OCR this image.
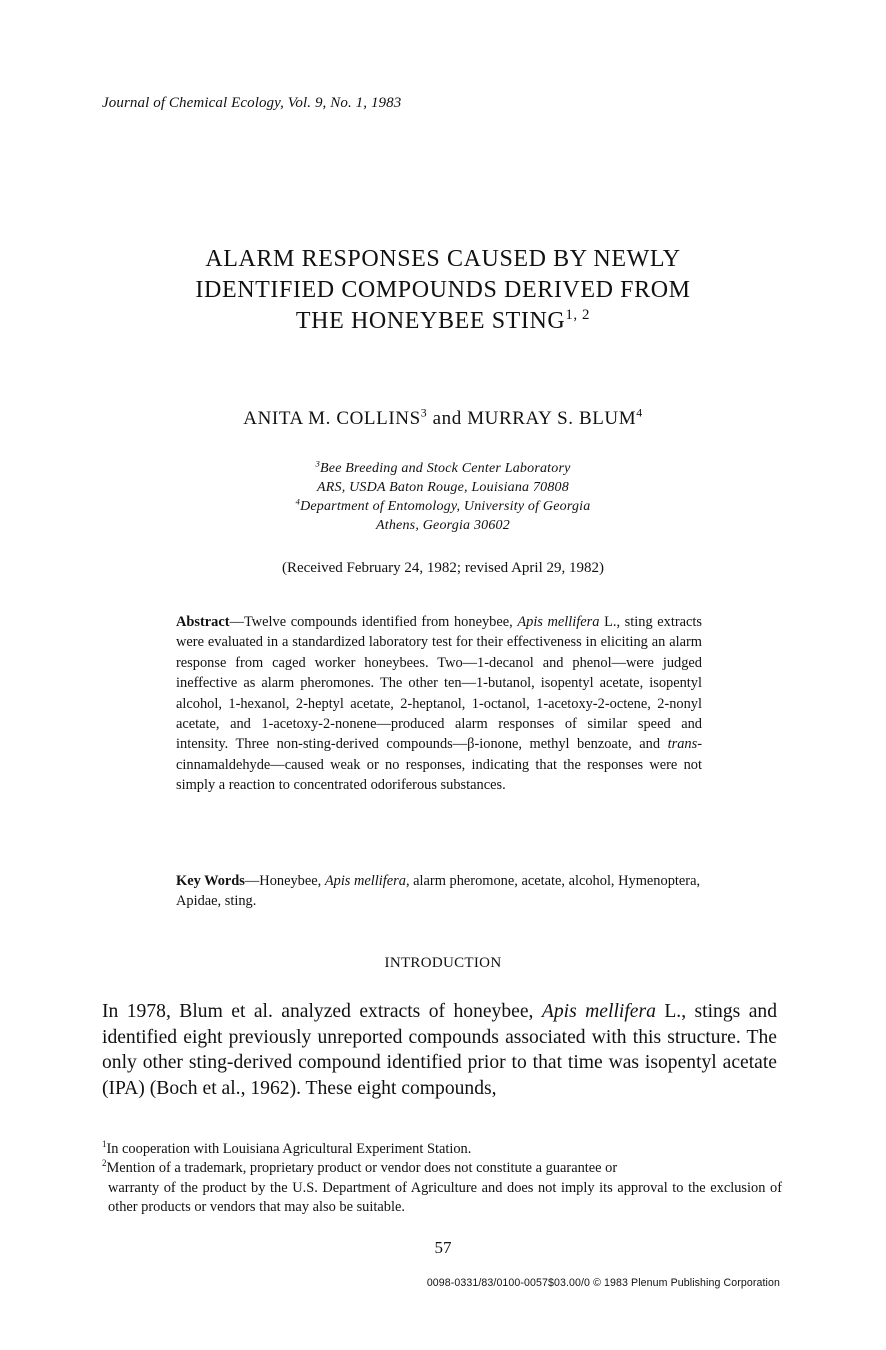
Journal of Chemical Ecology, Vol. 9, No. 1, 1983
ALARM RESPONSES CAUSED BY NEWLY
IDENTIFIED COMPOUNDS DERIVED FROM
THE HONEYBEE STING$^{1, 2}$
ANITA M. COLLINS$^3$ and MURRAY S. BLUM$^4$
$^3$Bee Breeding and Stock Center Laboratory
ARS, USDA Baton Rouge, Louisiana 70808
$^4$Department of Entomology, University of Georgia
Athens, Georgia 30602
(Received February 24, 1982; revised April 29, 1982)
Abstract—Twelve compounds identified from honeybee, Apis mellifera L., sting extracts were evaluated in a standardized laboratory test for their effectiveness in eliciting an alarm response from caged worker honeybees. Two—1-decanol and phenol—were judged ineffective as alarm pheromones. The other ten—1-butanol, isopentyl acetate, isopentyl alcohol, 1-​hexanol, 2-heptyl acetate, 2-heptanol, 1-octanol, 1-acetoxy-2-octene, 2-​nonyl acetate, and 1-acetoxy-2-nonene—produced alarm responses of similar speed and intensity. Three non-sting-derived compounds—β-​ionone, methyl benzoate, and trans-cinnamaldehyde—caused weak or no responses, indicating that the responses were not simply a reaction to concentrated odoriferous substances.
Key Words—Honeybee, Apis mellifera, alarm pheromone, acetate, alcohol, Hymenoptera, Apidae, sting.
INTRODUCTION
In 1978, Blum et al. analyzed extracts of honeybee, Apis mellifera L., stings and identified eight previously unreported compounds associated with this structure. The only other sting-derived compound identified prior to that time was isopentyl acetate (IPA) (Boch et al., 1962). These eight compounds,
$^1$In cooperation with Louisiana Agricultural Experiment Station.
$^2$Mention of a trademark, proprietary product or vendor does not constitute a guarantee or
warranty of the product by the U.S. Department of Agriculture and does not imply its approval to the exclusion of other products or vendors that may also be suitable.
57
0098-0331/83/0100-0057$03.00/0 © 1983 Plenum Publishing Corporation
